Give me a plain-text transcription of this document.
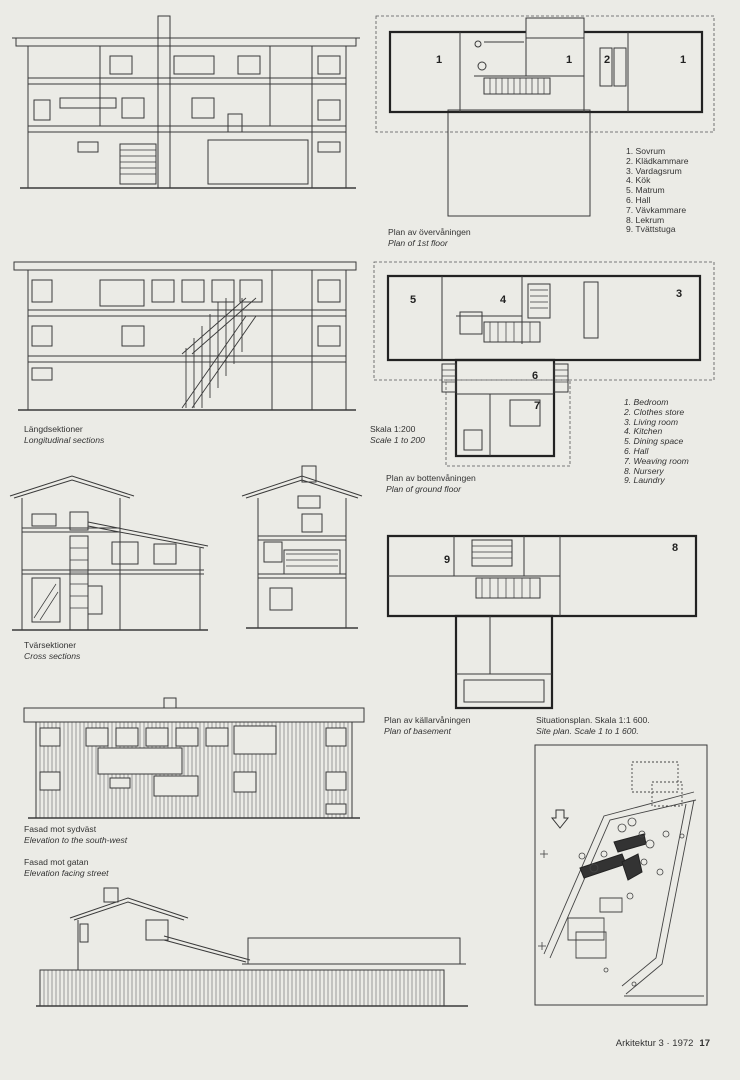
Längdsektioner
Longitudinal sections
Tvärsektioner
Cross sections
Fasad mot sydväst
Elevation to the south-west
Fasad mot gatan
Elevation facing street
1	1	2	1
1. Sovrum
2. Klädkammare
3. Vardagsrum
4. Kök
5. Matrum
6. Hall
7. Vävkammare
8. Lekrum
9. Tvättstuga
Plan av övervåningen
Plan of 1st floor
5	4	3
6
7
Skala 1:200
Scale 1 to 200
1. Bedroom
2. Clothes store
3. Living room
4. Kitchen
5. Dining space
6. Hall
7. Weaving room
8. Nursery
9. Laundry
Plan av bottenvåningen
Plan of ground floor
9
8
Plan av källarvåningen
Plan of basement
Situationsplan. Skala 1:1 600.
Site plan. Scale 1 to 1 600.
Arkitektur 3 · 1972 17
